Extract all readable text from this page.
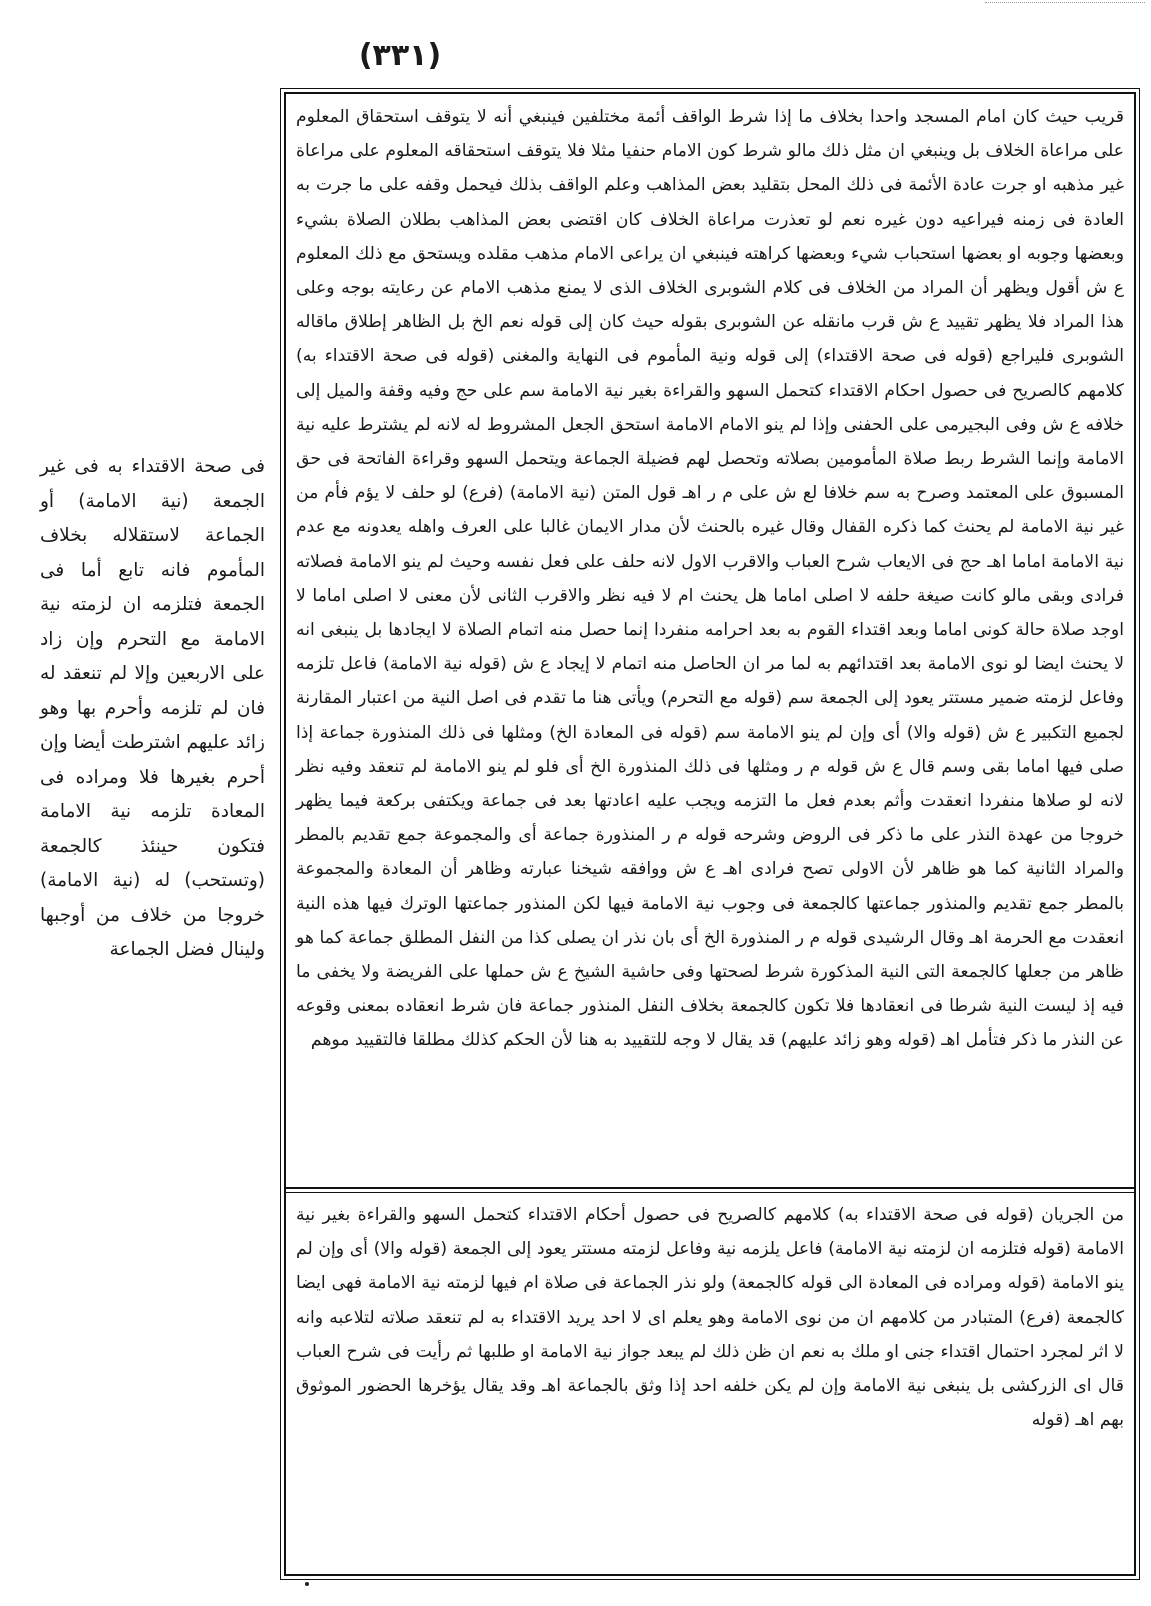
(٣٣١)
قريب حيث كان امام المسجد واحدا بخلاف ما إذا شرط الواقف أئمة مختلفين فينبغي أنه لا يتوقف استحقاق المعلوم على مراعاة الخلاف بل وينبغي ان مثل ذلك مالو شرط كون الامام حنفيا مثلا فلا يتوقف استحقاقه المعلوم على مراعاة غير مذهبه او جرت عادة الأئمة فى ذلك المحل بتقليد بعض المذاهب وعلم الواقف بذلك فيحمل وقفه على ما جرت به العادة فى زمنه فيراعيه دون غيره نعم لو تعذرت مراعاة الخلاف كان اقتضى بعض المذاهب بطلان الصلاة بشيء وبعضها وجوبه او بعضها استحباب شيء وبعضها كراهته فينبغي ان يراعى الامام مذهب مقلده ويستحق مع ذلك المعلوم ع ش أقول ويظهر أن المراد من الخلاف فى كلام الشوبرى الخلاف الذى لا يمنع مذهب الامام عن رعايته بوجه وعلى هذا المراد فلا يظهر تقييد ع ش قرب مانقله عن الشوبرى بقوله حيث كان إلى قوله نعم الخ بل الظاهر إطلاق ماقاله الشوبرى فليراجع (قوله فى صحة الاقتداء) إلى قوله ونية المأموم فى النهاية والمغنى (قوله فى صحة الاقتداء به) كلامهم كالصريح فى حصول احكام الاقتداء كتحمل السهو والقراءة بغير نية الامامة سم على حج وفيه وقفة والميل إلى خلافه ع ش وفى البجيرمى على الحفنى وإذا لم ينو الامام الامامة استحق الجعل المشروط له لانه لم يشترط عليه نية الامامة وإنما الشرط ربط صلاة المأمومين بصلاته وتحصل لهم فضيلة الجماعة ويتحمل السهو وقراءة الفاتحة فى حق المسبوق على المعتمد وصرح به سم خلافا لع ش على م ر اهـ قول المتن (نية الامامة) (فرع) لو حلف لا يؤم فأم من غير نية الامامة لم يحنث كما ذكره القفال وقال غيره بالحنث لأن مدار الايمان غالبا على العرف واهله يعدونه مع عدم نية الامامة اماما اهـ حج فى الايعاب شرح العباب والاقرب الاول لانه حلف على فعل نفسه وحيث لم ينو الامامة فصلاته فرادى وبقى مالو كانت صيغة حلفه لا اصلى اماما هل يحنث ام لا فيه نظر والاقرب الثانى لأن معنى لا اصلى اماما لا اوجد صلاة حالة كونى اماما وبعد اقتداء القوم به بعد احرامه منفردا إنما حصل منه اتمام الصلاة لا ايجادها بل ينبغى انه لا يحنث ايضا لو نوى الامامة بعد اقتدائهم به لما مر ان الحاصل منه اتمام لا إيجاد ع ش (قوله نية الامامة) فاعل تلزمه وفاعل لزمته ضمير مستتر يعود إلى الجمعة سم (قوله مع التحرم) ويأتى هنا ما تقدم فى اصل النية من اعتبار المقارنة لجميع التكبير ع ش (قوله والا) أى وإن لم ينو الامامة سم (قوله فى المعادة الخ) ومثلها فى ذلك المنذورة جماعة إذا صلى فيها اماما بقى وسم قال ع ش قوله م ر ومثلها فى ذلك المنذورة الخ أى فلو لم ينو الامامة لم تنعقد وفيه نظر لانه لو صلاها منفردا انعقدت وأثم بعدم فعل ما التزمه ويجب عليه اعادتها بعد فى جماعة ويكتفى بركعة فيما يظهر خروجا من عهدة النذر على ما ذكر فى الروض وشرحه قوله م ر المنذورة جماعة أى والمجموعة جمع تقديم بالمطر والمراد الثانية كما هو ظاهر لأن الاولى تصح فرادى اهـ ع ش ووافقه شيخنا عبارته وظاهر أن المعادة والمجموعة بالمطر جمع تقديم والمنذور جماعتها كالجمعة فى وجوب نية الامامة فيها لكن المنذور جماعتها الوترك فيها هذه النية انعقدت مع الحرمة اهـ وقال الرشيدى قوله م ر المنذورة الخ أى بان نذر ان يصلى كذا من النفل المطلق جماعة كما هو ظاهر من جعلها كالجمعة التى النية المذكورة شرط لصحتها وفى حاشية الشيخ ع ش حملها على الفريضة ولا يخفى ما فيه إذ ليست النية شرطا فى انعقادها فلا تكون كالجمعة بخلاف النفل المنذور جماعة فان شرط انعقاده بمعنى وقوعه عن النذر ما ذكر فتأمل اهـ (قوله وهو زائد عليهم) قد يقال لا وجه للتقييد به هنا لأن الحكم كذلك مطلقا فالتقييد موهم
من الجريان (قوله فى صحة الاقتداء به) كلامهم كالصريح فى حصول أحكام الاقتداء كتحمل السهو والقراءة بغير نية الامامة (قوله فتلزمه ان لزمته نية الامامة) فاعل يلزمه نية وفاعل لزمته مستتر يعود إلى الجمعة (قوله والا) أى وإن لم ينو الامامة (قوله ومراده فى المعادة الى قوله كالجمعة) ولو نذر الجماعة فى صلاة ام فيها لزمته نية الامامة فهى ايضا كالجمعة (فرع) المتبادر من كلامهم ان من نوى الامامة وهو يعلم اى لا احد يريد الاقتداء به لم تنعقد صلاته لتلاعبه وانه لا اثر لمجرد احتمال اقتداء جنى او ملك به نعم ان ظن ذلك لم يبعد جواز نية الامامة او طلبها ثم رأيت فى شرح العباب قال اى الزركشى بل ينبغى نية الامامة وإن لم يكن خلفه احد إذا وثق بالجماعة اهـ وقد يقال يؤخرها الحضور الموثوق بهم اهـ (قوله
فى صحة الاقتداء به فى غير الجمعة (نية الامامة) أو الجماعة لاستقلاله بخلاف المأموم فانه تابع أما فى الجمعة فتلزمه ان لزمته نية الامامة مع التحرم وإن زاد على الاربعين وإلا لم تنعقد له فان لم تلزمه وأحرم بها وهو زائد عليهم اشترطت أيضا وإن أحرم بغيرها فلا ومراده فى المعادة تلزمه نية الامامة فتكون حينئذ كالجمعة (وتستحب) له (نية الامامة) خروجا من خلاف من أوجبها ولينال فضل الجماعة
